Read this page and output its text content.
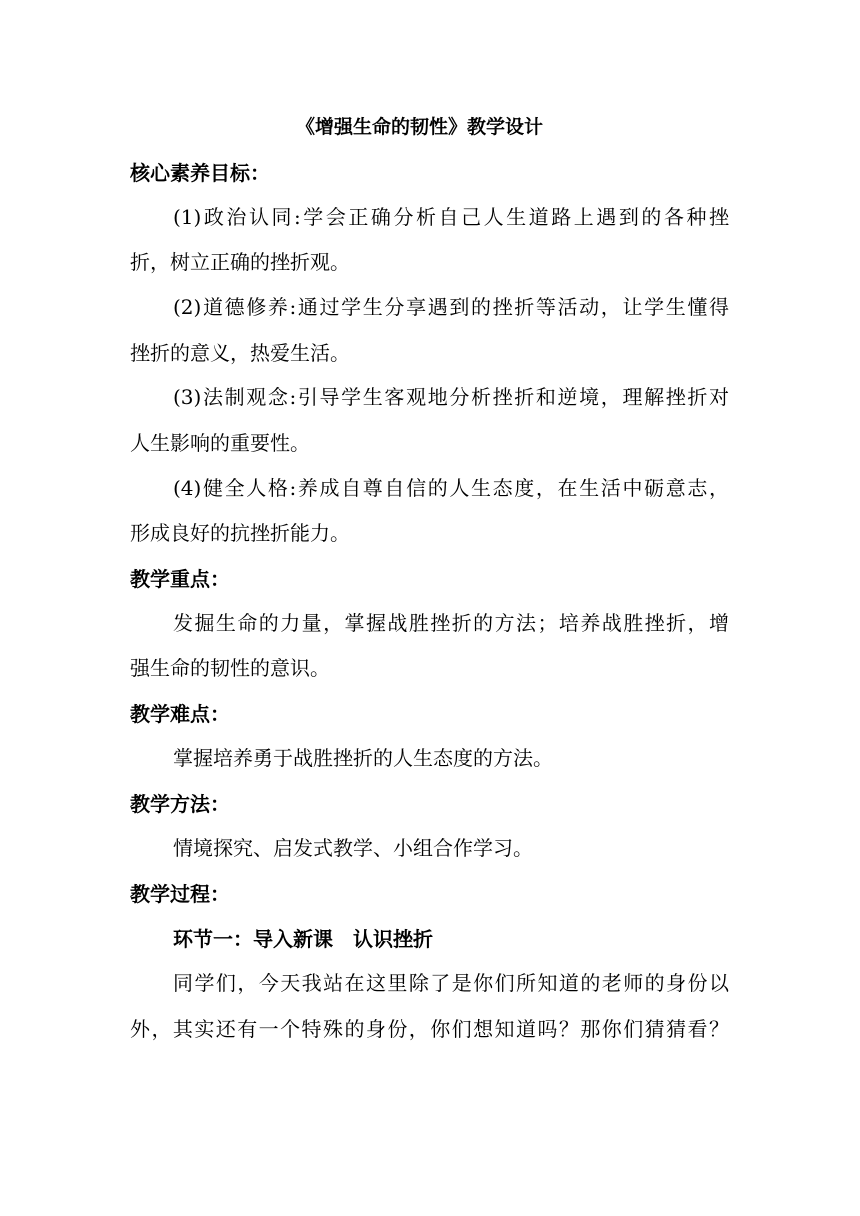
《增强生命的韧性》教学设计
核心素养目标：
(1)政治认同:学会正确分析自己人生道路上遇到的各种挫
折，树立正确的挫折观。
(2)道德修养:通过学生分享遇到的挫折等活动，让学生懂得
挫折的意义，热爱生活。
(3)法制观念:引导学生客观地分析挫折和逆境，理解挫折对
人生影响的重要性。
(4)健全人格:养成自尊自信的人生态度，在生活中砺意志，
形成良好的抗挫折能力。
教学重点：
发掘生命的力量，掌握战胜挫折的方法；培养战胜挫折，增
强生命的韧性的意识。
教学难点：
掌握培养勇于战胜挫折的人生态度的方法。
教学方法：
情境探究、启发式教学、小组合作学习。
教学过程：
环节一：导入新课　认识挫折
同学们，今天我站在这里除了是你们所知道的老师的身份以
外，其实还有一个特殊的身份，你们想知道吗？那你们猜猜看？
